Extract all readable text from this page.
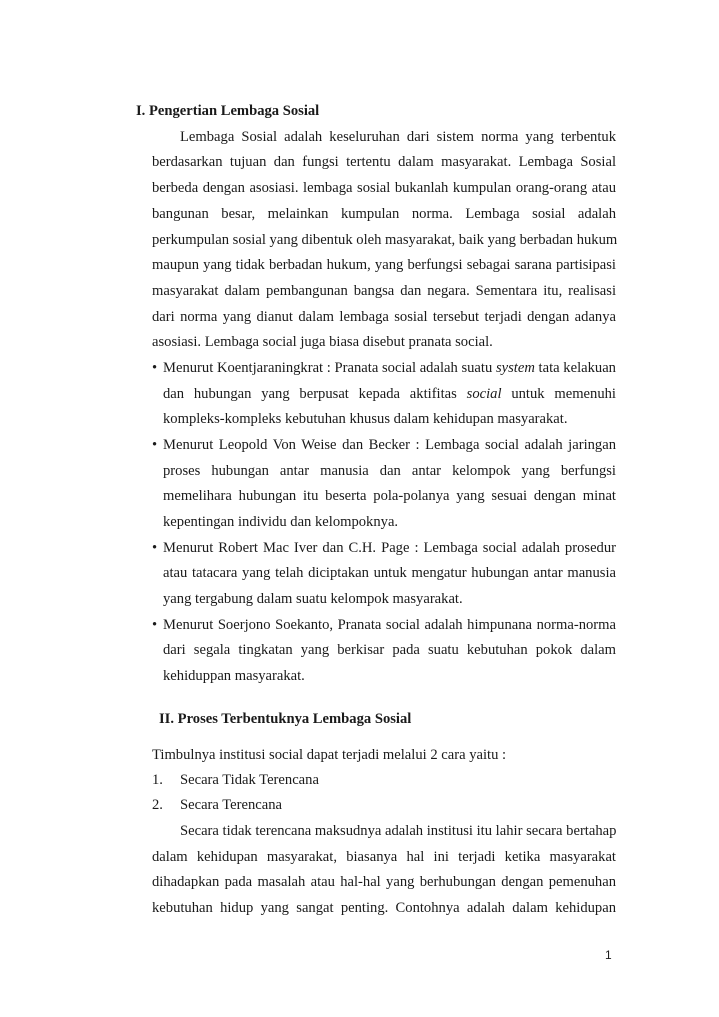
I. Pengertian Lembaga Sosial
Lembaga Sosial adalah keseluruhan dari sistem norma yang terbentuk
berdasarkan tujuan dan fungsi tertentu dalam masyarakat. Lembaga Sosial
berbeda dengan asosiasi. lembaga sosial bukanlah kumpulan orang-orang atau
bangunan besar, melainkan kumpulan norma. Lembaga sosial adalah
perkumpulan sosial yang dibentuk oleh masyarakat, baik yang berbadan hukum
maupun yang tidak berbadan hukum, yang berfungsi sebagai sarana partisipasi
masyarakat dalam pembangunan bangsa dan negara. Sementara itu, realisasi
dari norma yang dianut dalam lembaga sosial tersebut terjadi dengan adanya
asosiasi. Lembaga social juga biasa disebut pranata social.
• Menurut Koentjaraningkrat : Pranata social adalah suatu system tata kelakuan
dan hubungan yang berpusat kepada aktifitas social untuk memenuhi
kompleks-kompleks kebutuhan khusus dalam kehidupan masyarakat.
• Menurut Leopold Von Weise dan Becker : Lembaga social adalah jaringan
proses hubungan antar manusia dan antar kelompok yang berfungsi
memelihara hubungan itu beserta pola-polanya yang sesuai dengan minat
kepentingan individu dan kelompoknya.
• Menurut Robert Mac Iver dan C.H. Page : Lembaga social adalah prosedur
atau tatacara yang telah diciptakan untuk mengatur hubungan antar manusia
yang tergabung dalam suatu kelompok masyarakat.
• Menurut Soerjono Soekanto, Pranata social adalah himpunana norma-norma
dari segala tingkatan yang berkisar pada suatu kebutuhan pokok dalam
kehiduppan masyarakat.
II. Proses Terbentuknya Lembaga Sosial
Timbulnya institusi social dapat terjadi melalui 2 cara yaitu :
1. Secara Tidak Terencana
2. Secara Terencana
Secara tidak terencana maksudnya adalah institusi itu lahir secara bertahap
dalam kehidupan masyarakat, biasanya hal ini terjadi ketika masyarakat
dihadapkan pada masalah atau hal-hal yang berhubungan dengan pemenuhan
kebutuhan hidup yang sangat penting. Contohnya adalah dalam kehidupan
1
